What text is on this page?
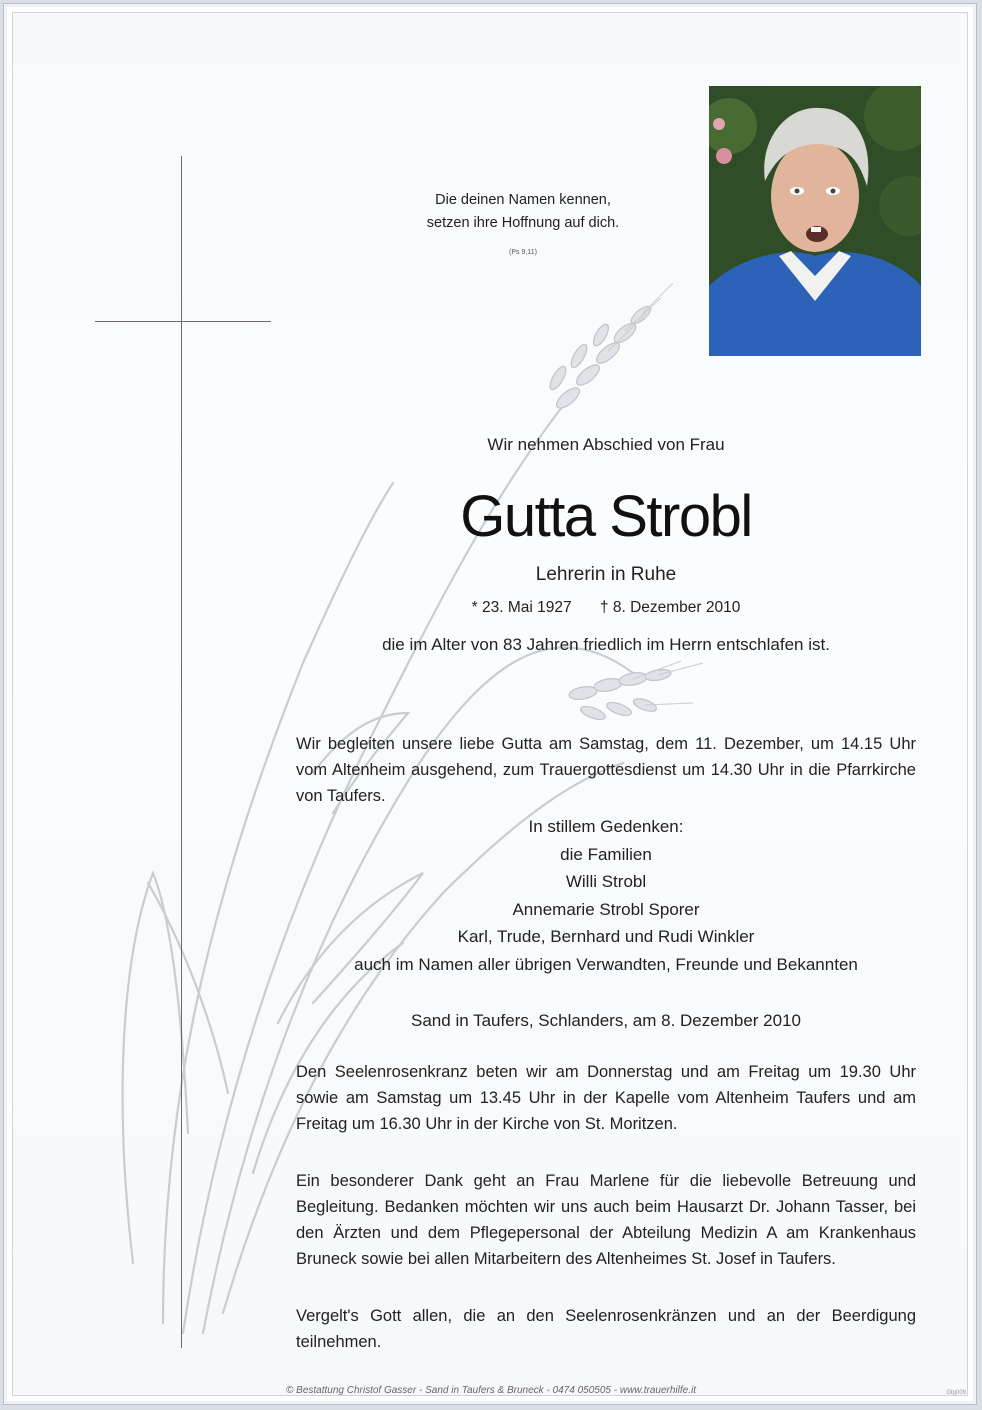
Die deinen Namen kennen,
setzen ihre Hoffnung auf dich.
(Ps 9,11)
Wir nehmen Abschied von Frau
Gutta Strobl
Lehrerin in Ruhe
* 23. Mai 1927 † 8. Dezember 2010
die im Alter von 83 Jahren friedlich im Herrn entschlafen ist.
Wir begleiten unsere liebe Gutta am Samstag, dem 11. Dezember, um 14.15 Uhr vom Altenheim ausgehend, zum Trauergottesdienst um 14.30 Uhr in die Pfarrkirche von Taufers.
In stillem Gedenken:
die Familien
Willi Strobl
Annemarie Strobl Sporer
Karl, Trude, Bernhard und Rudi Winkler
auch im Namen aller übrigen Verwandten, Freunde und Bekannten
Sand in Taufers, Schlanders, am 8. Dezember 2010
Den Seelenrosenkranz beten wir am Donnerstag und am Freitag um 19.30 Uhr sowie am Samstag um 13.45 Uhr in der Kapelle vom Altenheim Taufers und am Freitag um 16.30 Uhr in der Kirche von St. Moritzen.
Ein besonderer Dank geht an Frau Marlene für die liebevolle Betreuung und Begleitung. Bedanken möchten wir uns auch beim Hausarzt Dr. Johann Tasser, bei den Ärzten und dem Pflegepersonal der Abteilung Medizin A am Krankenhaus Bruneck sowie bei allen Mitarbeitern des Altenheimes St. Josef in Taufers.
Vergelt's Gott allen, die an den Seelenrosenkränzen und an der Beerdigung teilnehmen.
© Bestattung Christof Gasser - Sand in Taufers & Bruneck - 0474 050505 - www.trauerhilfe.it	Gtg009
